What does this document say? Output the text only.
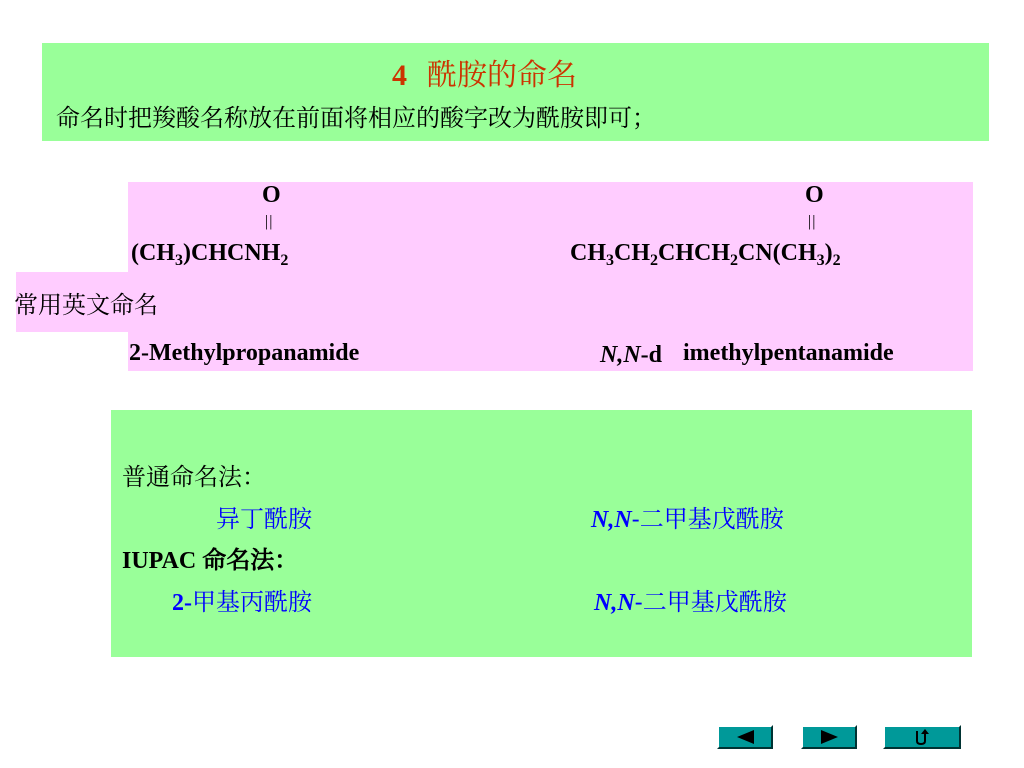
4 酰胺的命名
命名时把羧酸名称放在前面将相应的酸字改为酰胺即可；
O
||
$(CH_3)CHCNH_2$
O
||
$CH_3CH_2CHCH_2CN(CH_3)_2$
常用英文命名
2-Methylpropanamide	N,N-d imethylpentanamide
普通命名法：
异丁酰胺	N,N-二甲基戊酰胺
IUPAC 命名法：
2-甲基丙酰胺	N,N-二甲基戊酰胺
